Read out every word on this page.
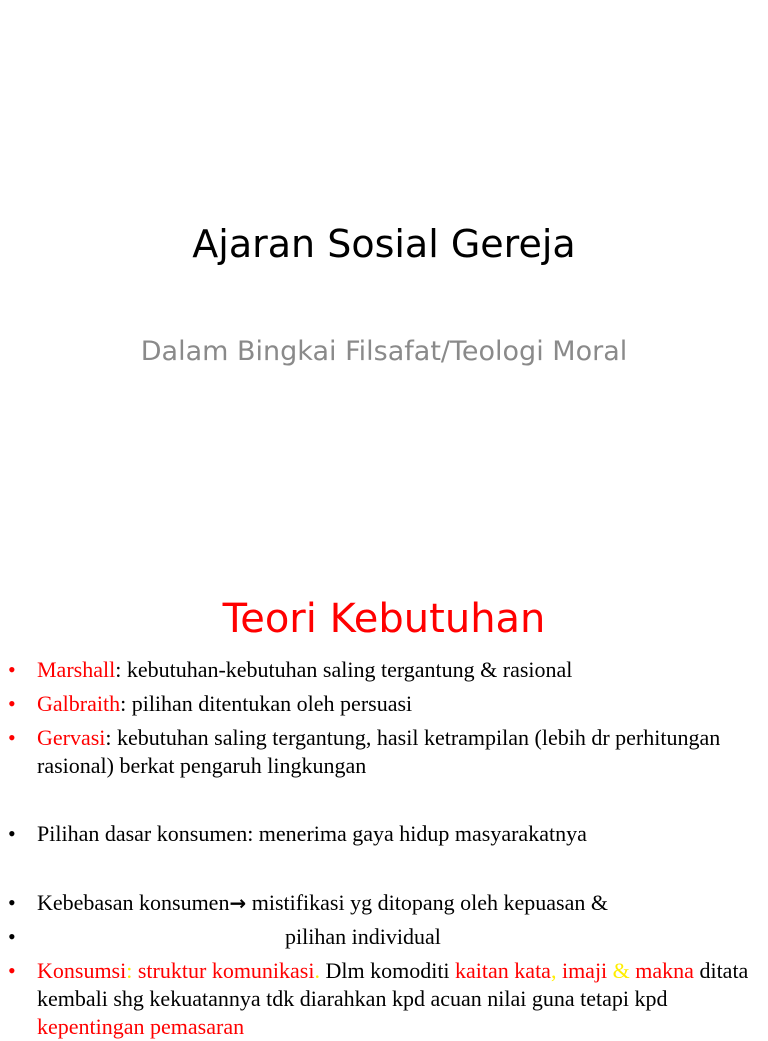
Ajaran Sosial Gereja
Dalam Bingkai Filsafat/Teologi Moral
Teori Kebutuhan
• Marshall: kebutuhan-kebutuhan saling tergantung & rasional
• Galbraith: pilihan ditentukan oleh persuasi
• Gervasi: kebutuhan saling tergantung, hasil ketrampilan (lebih dr perhitungan rasional) berkat pengaruh lingkungan
• Pilihan dasar konsumen: menerima gaya hidup masyarakatnya
• Kebebasan konsumen→ mistifikasi yg ditopang oleh kepuasan &
•	pilihan individual
• Konsumsi: struktur komunikasi. Dlm komoditi kaitan kata, imaji & makna ditata kembali shg kekuatannya tdk diarahkan kpd acuan nilai guna tetapi kpd kepentingan pemasaran
